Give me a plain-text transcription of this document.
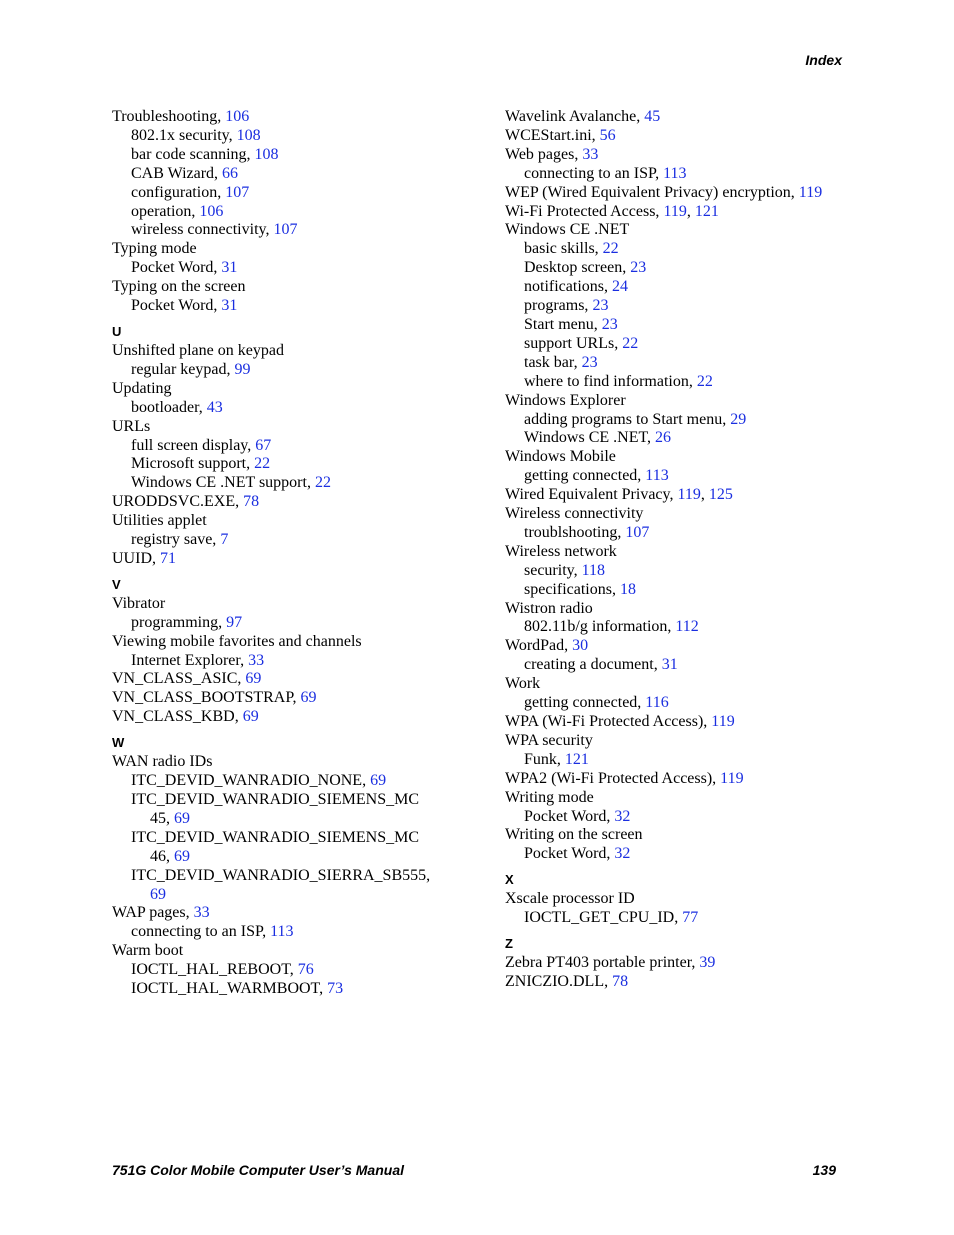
Index
Troubleshooting, 106
802.1x security, 108
bar code scanning, 108
CAB Wizard, 66
configuration, 107
operation, 106
wireless connectivity, 107
Typing mode
Pocket Word, 31
Typing on the screen
Pocket Word, 31
U
Unshifted plane on keypad
regular keypad, 99
Updating
bootloader, 43
URLs
full screen display, 67
Microsoft support, 22
Windows CE .NET support, 22
URODDSVC.EXE, 78
Utilities applet
registry save, 7
UUID, 71
V
Vibrator
programming, 97
Viewing mobile favorites and channels
Internet Explorer, 33
VN_CLASS_ASIC, 69
VN_CLASS_BOOTSTRAP, 69
VN_CLASS_KBD, 69
W
WAN radio IDs
ITC_DEVID_WANRADIO_NONE, 69
ITC_DEVID_WANRADIO_SIEMENS_MC
45, 69
ITC_DEVID_WANRADIO_SIEMENS_MC
46, 69
ITC_DEVID_WANRADIO_SIERRA_SB555,
69
WAP pages, 33
connecting to an ISP, 113
Warm boot
IOCTL_HAL_REBOOT, 76
IOCTL_HAL_WARMBOOT, 73
Wavelink Avalanche, 45
WCEStart.ini, 56
Web pages, 33
connecting to an ISP, 113
WEP (Wired Equivalent Privacy) encryption, 119
Wi-Fi Protected Access, 119, 121
Windows CE .NET
basic skills, 22
Desktop screen, 23
notifications, 24
programs, 23
Start menu, 23
support URLs, 22
task bar, 23
where to find information, 22
Windows Explorer
adding programs to Start menu, 29
Windows CE .NET, 26
Windows Mobile
getting connected, 113
Wired Equivalent Privacy, 119, 125
Wireless connectivity
troublshooting, 107
Wireless network
security, 118
specifications, 18
Wistron radio
802.11b/g information, 112
WordPad, 30
creating a document, 31
Work
getting connected, 116
WPA (Wi-Fi Protected Access), 119
WPA security
Funk, 121
WPA2 (Wi-Fi Protected Access), 119
Writing mode
Pocket Word, 32
Writing on the screen
Pocket Word, 32
X
Xscale processor ID
IOCTL_GET_CPU_ID, 77
Z
Zebra PT403 portable printer, 39
ZNICZIO.DLL, 78
751G Color Mobile Computer User’s Manual	139
